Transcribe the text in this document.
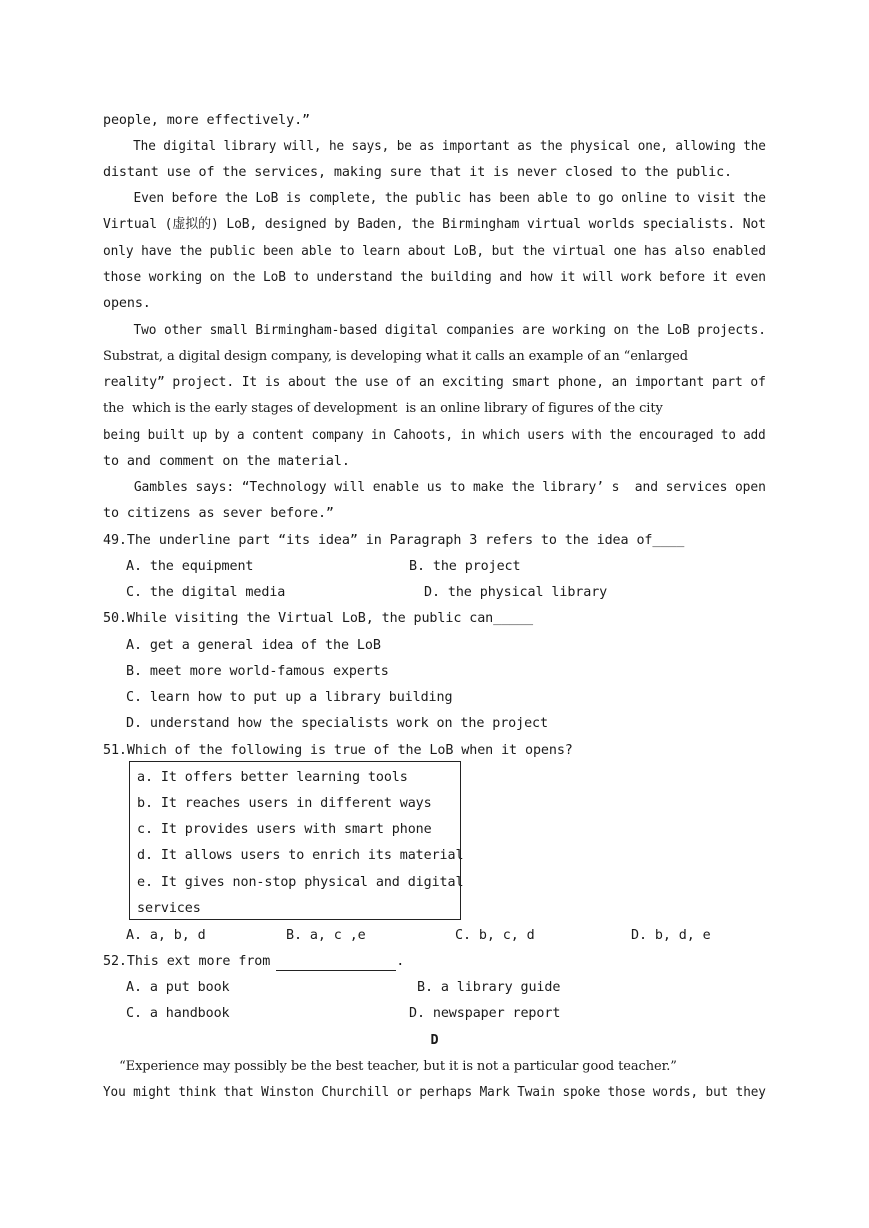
people, more effectively.”
The digital library will, he says, be as important as the physical one, allowing the
distant use of the services, making sure that it is never closed to the public.
Even before the LoB is complete, the public has been able to go online to visit the
Virtual (虚拟的) LoB, designed by Baden, the Birmingham virtual worlds specialists. Not
only have the public been able to learn about LoB, but the virtual one has also enabled
those working on the LoB to understand the building and how it will work before it even
opens.
Two other small Birmingham-based digital companies are working on the LoB projects.
Substrat, a digital design company, is developing what it calls an example of an “enlarged
reality” project. It is about the use of an exciting smart phone, an important part of
the  which is the early stages of development  is an online library of figures of the city
being built up by a content company in Cahoots, in which users with the encouraged to add
to and comment on the material.
Gambles says: “Technology will enable us to make the library’ s  and services open
to citizens as sever before.”
49.The underline part “its idea” in Paragraph 3 refers to the idea of____
A. the equipment	B. the project
C. the digital media	D. the physical library
50.While visiting the Virtual LoB, the public can_____
A. get a general idea of the LoB
B. meet more world-famous experts
C. learn how to put up a library building
D. understand how the specialists work on the project
51.Which of the following is true of the LoB when it opens?
a. It offers better learning tools
b. It reaches users in different ways
c. It provides users with smart phone
d. It allows users to enrich its material
e. It gives non-stop physical and digital
services
A. a, b, d	B. a, c ,e	C. b, c, d	D. b, d, e
52.This ext more from	.
A. a put book	B. a library guide
C. a handbook	D. newspaper report
D
“Experience may possibly be the best teacher, but it is not a particular good teacher.”
You might think that Winston Churchill or perhaps Mark Twain spoke those words, but they
